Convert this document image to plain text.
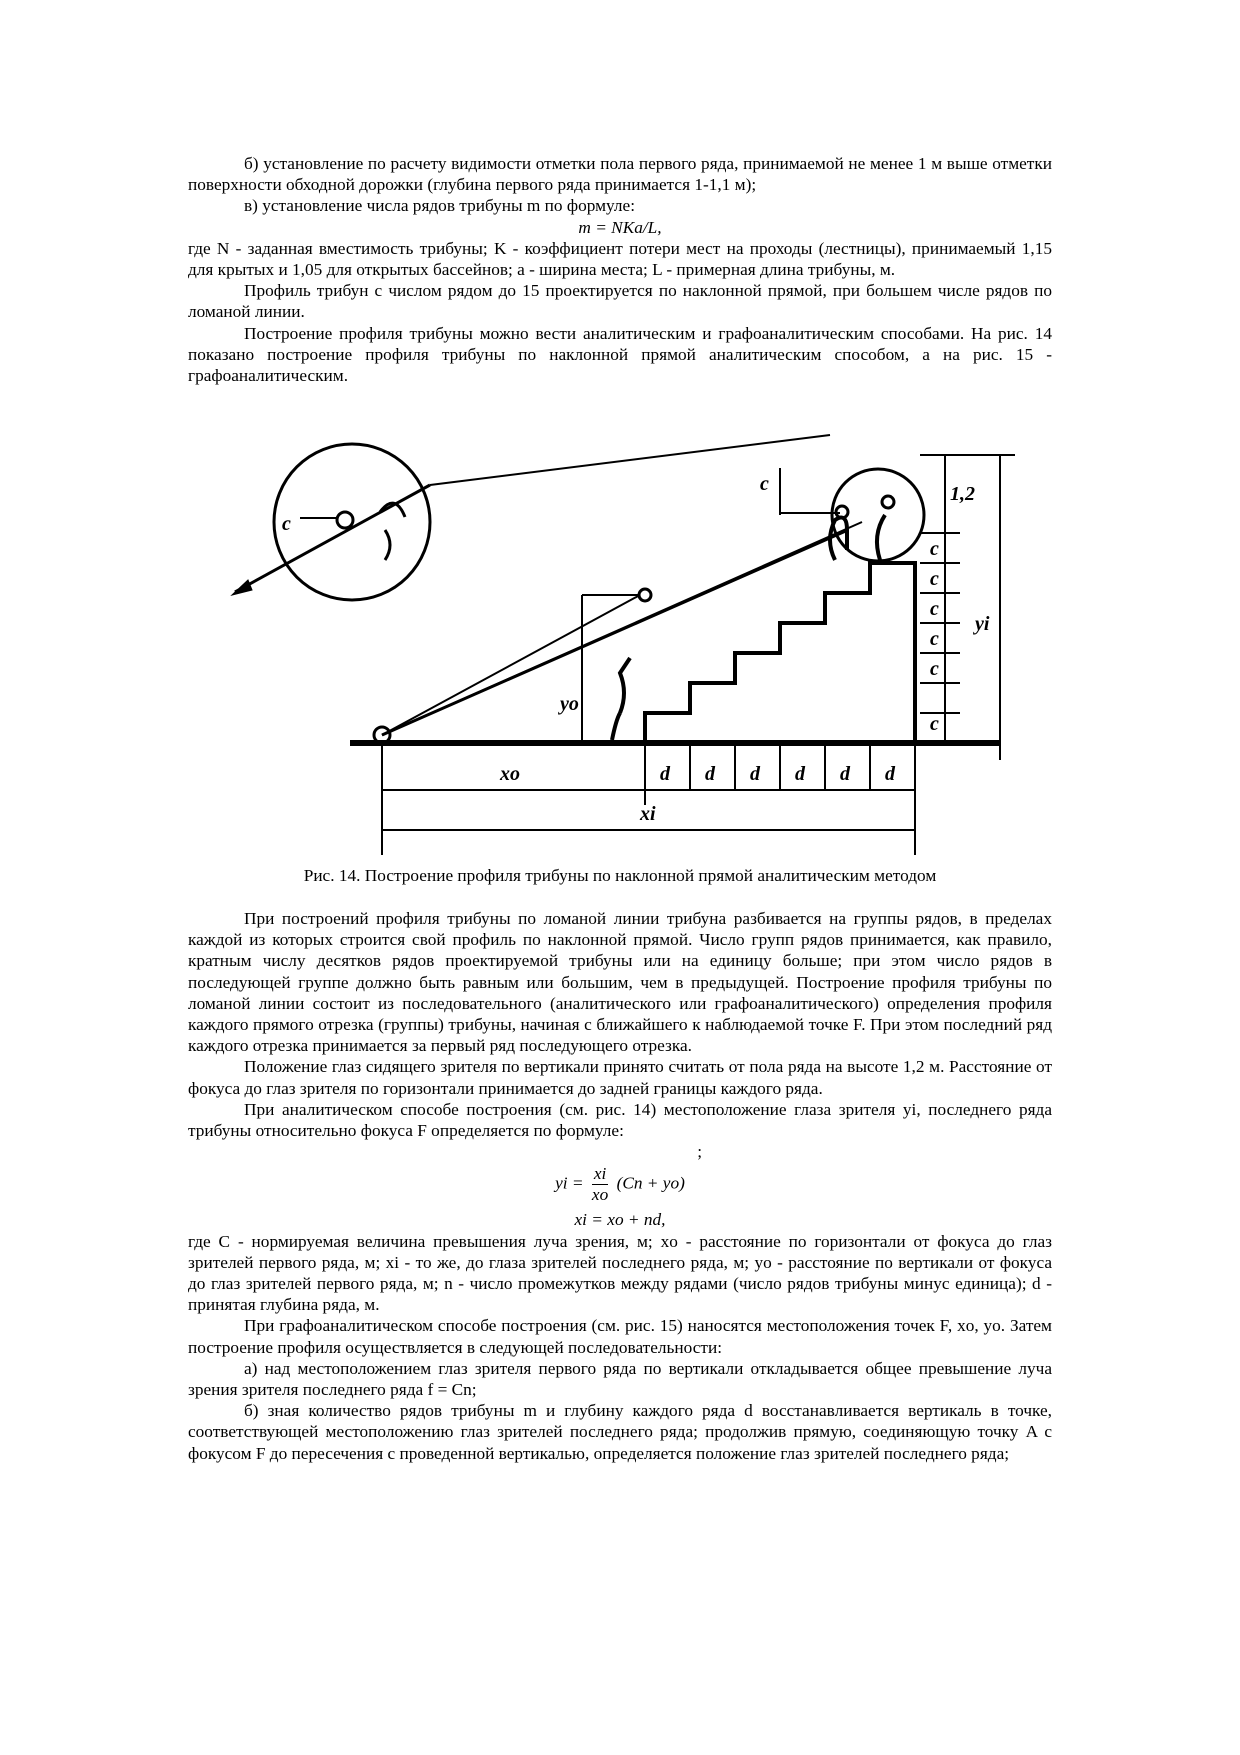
б) установление по расчету видимости отметки пола первого ряда, принимаемой не менее 1 м выше отметки поверхности обходной дорожки (глубина первого ряда принимается 1-1,1 м);

в) установление числа рядов трибуны m по формуле:

m = NKa/L,

где N - заданная вместимость трибуны; K - коэффициент потери мест на проходы (лестницы), принимаемый 1,15 для крытых и 1,05 для открытых бассейнов; a - ширина места; L - примерная длина трибуны, м.

Профиль трибун с числом рядом до 15 проектируется по наклонной прямой, при большем числе рядов по ломаной линии.

Построение профиля трибуны можно вести аналитическим и графоаналитическим способами. На рис. 14 показано построение профиля трибуны по наклонной прямой аналитическим способом, а на рис. 15 - графоаналитическим.

c
yo
c	1,2
c
c
c
c
c
c
yi
xo	d d d d d d
xi
Рис. 14. Построение профиля трибуны по наклонной прямой аналитическим методом

При построений профиля трибуны по ломаной линии трибуна разбивается на группы рядов, в пределах каждой из которых строится свой профиль по наклонной прямой. Число групп рядов принимается, как правило, кратным числу десятков рядов проектируемой трибуны или на единицу больше; при этом число рядов в последующей группе должно быть равным или большим, чем в предыдущей. Построение профиля трибуны по ломаной линии состоит из последовательного (аналитического или графоаналитического) определения профиля каждого прямого отрезка (группы) трибуны, начиная с ближайшего к наблюдаемой точке F. При этом последний ряд каждого отрезка принимается за первый ряд последующего отрезка.

Положение глаз сидящего зрителя по вертикали принято считать от пола ряда на высоте 1,2 м. Расстояние от фокуса до глаз зрителя по горизонтали принимается до задней границы каждого ряда.

При аналитическом способе построения (см. рис. 14) местоположение глаза зрителя yi, последнего ряда трибуны относительно фокуса F определяется по формуле:

;

yi = $\frac{xi}{xo} (Cn + yo)$

xi = xo + nd,

где C - нормируемая величина превышения луча зрения, м; xo - расстояние по горизонтали от фокуса до глаз зрителей первого ряда, м; xi - то же, до глаза зрителей последнего ряда, м; yo - расстояние по вертикали от фокуса до глаз зрителей первого ряда, м; n - число промежутков между рядами (число рядов трибуны минус единица); d - принятая глубина ряда, м.

При графоаналитическом способе построения (см. рис. 15) наносятся местоположения точек F, xo, yo. Затем построение профиля осуществляется в следующей последовательности:

а) над местоположением глаз зрителя первого ряда по вертикали откладывается общее превышение луча зрения зрителя последнего ряда f = Cn;

б) зная количество рядов трибуны m и глубину каждого ряда d восстанавливается вертикаль в точке, соответствующей местоположению глаз зрителей последнего ряда; продолжив прямую, соединяющую точку A с фокусом F до пересечения с проведенной вертикалью, определяется положение глаз зрителей последнего ряда;
